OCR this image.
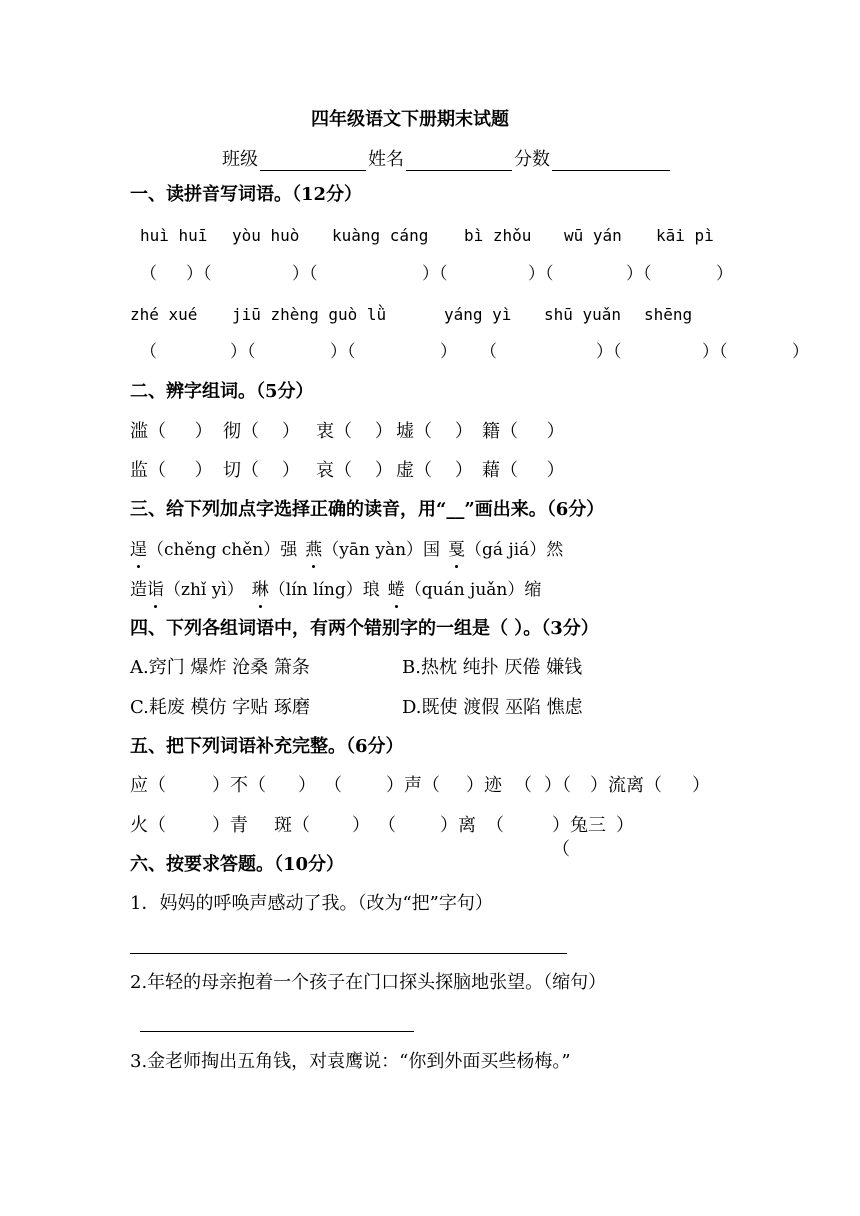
四年级语文下册期末试题
班级	姓名	分数
一、读拼音写词语。（12分）
huì huī	yòu huò	kuàng cáng	bì zhǒu	wū yán	kāi pì
（	）（	）（	）（	）（	）（	）
zhé xué	jiū zhèng guò lǜ	yáng yì	shū yuǎn	shēng
（	）（	）（	）	（	）（	）（	）
二、辨字组词。（5分）
滥 （     ） 彻 （    ） 衷 （    ） 墟 （    ） 籍 （     ）
监 （     ） 切 （    ） 哀 （    ） 虚 （    ） 藉 （     ）
三、给下列加点字选择正确的读音，用“__”画出来。（6分）
逞 （chěng chěn） 强 燕 （yān yàn） 国 戛 （gá jiá） 然
造 诣 （zhǐ yì） 琳 （lín líng） 琅 蜷 （quán juǎn） 缩
四、下列各组词语中，有两个错别字的一组是（ ）。（3分）
A.窍门 爆炸 沧桑 箫条	B.热枕 纯扑 厌倦 嫌钱
C.耗废 模仿 字贴 琢磨	D.既使 渡假 巫陷 憔虑
五、把下列词语补充完整。（6分）
应（	）不（	） （	）声（	）迹 （ ）（	）流离（	）
火（	）青	斑（	） （	）离 （	）兔三（
）
六、按要求答题。（10分）
1．妈妈的呼唤声感动了我。（改为“把”字句）
2.年轻的母亲抱着一个孩子在门口探头探脑地张望。（缩句）
3.金老师掏出五角钱，对袁鹰说：“你到外面买些杨梅。”
